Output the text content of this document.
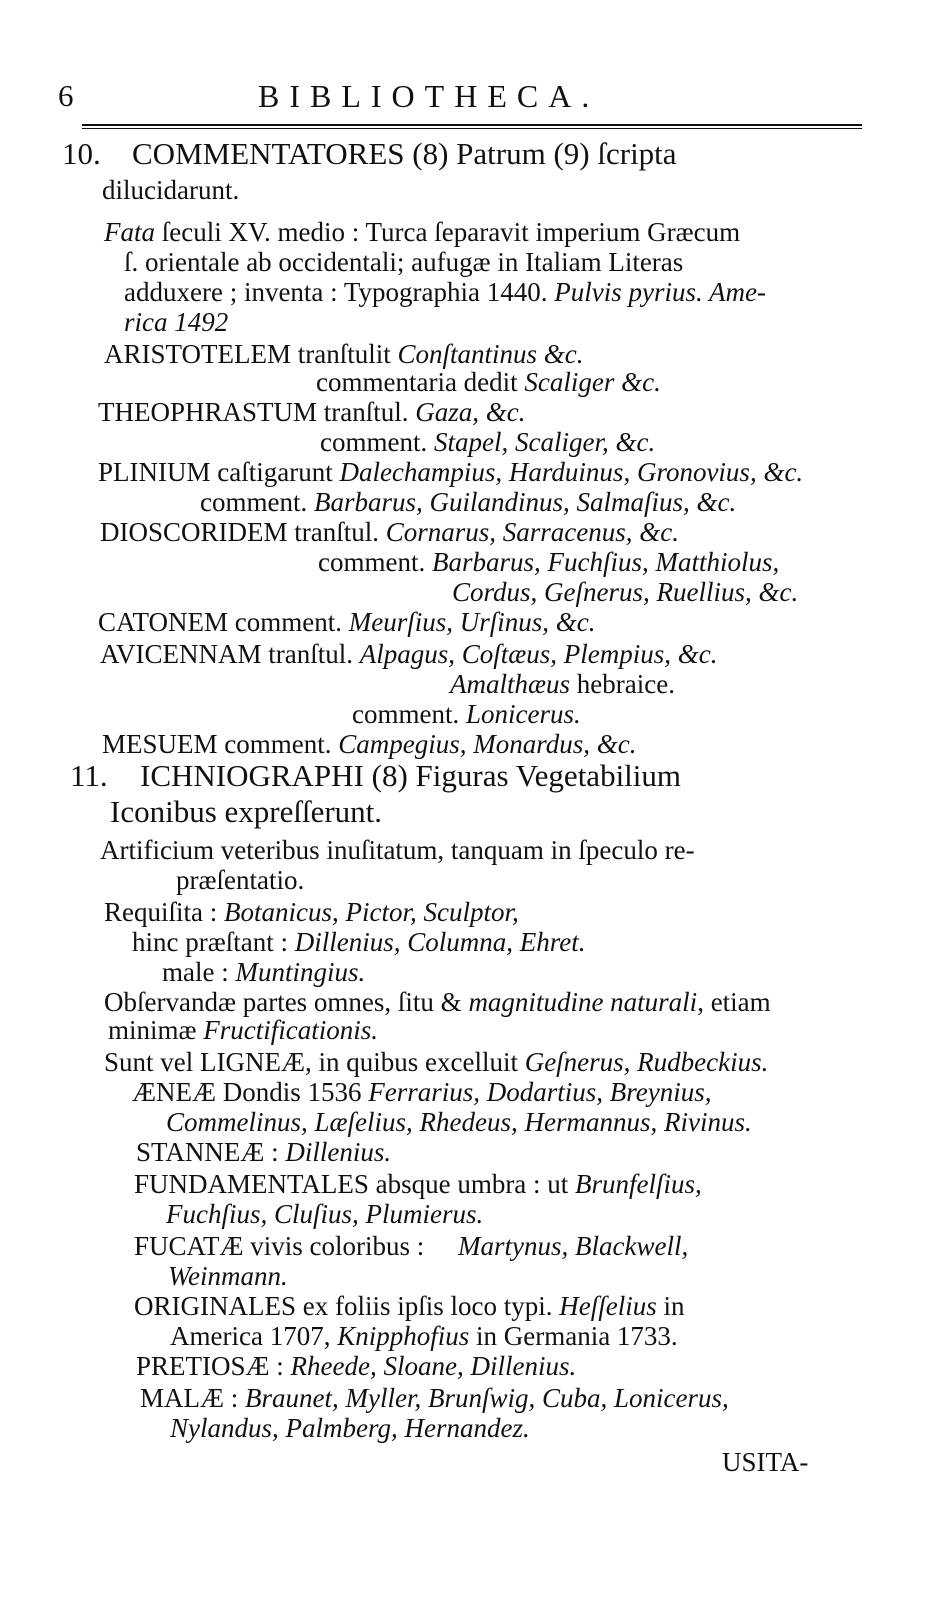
6	BIBLIOTHECA.
10. COMMENTATORES (8) Patrum (9) ſcripta
dilucidarunt.
Fata ſeculi XV. medio : Turca ſeparavit imperium Græcum
ſ. orientale ab occidentali; aufugæ in Italiam Literas
adduxere ; inventa : Typographia 1440. Pulvis pyrius. Ame-
rica 1492
ARISTOTELEM tranſtulit Conſtantinus &c.
commentaria dedit Scaliger &c.
THEOPHRASTUM tranſtul. Gaza, &c.
comment. Stapel, Scaliger, &c.
PLINIUM caſtigarunt Dalechampius, Harduinus, Gronovius, &c.
comment. Barbarus, Guilandinus, Salmaſius, &c.
DIOSCORIDEM tranſtul. Cornarus, Sarracenus, &c.
comment. Barbarus, Fuchſius, Matthiolus,
Cordus, Geſnerus, Ruellius, &c.
CATONEM comment. Meurſius, Urſinus, &c.
AVICENNAM tranſtul. Alpagus, Coſtæus, Plempius, &c.
Amalthæus hebraice.
comment. Lonicerus.
MESUEM comment. Campegius, Monardus, &c.
11. ICHNIOGRAPHI (8) Figuras Vegetabilium
Iconibus expreſſerunt.
Artificium veteribus inuſitatum, tanquam in ſpeculo re-
præſentatio.
Requiſita : Botanicus, Pictor, Sculptor,
hinc præſtant : Dillenius, Columna, Ehret.
male : Muntingius.
Obſervandæ partes omnes, ſitu & magnitudine naturali, etiam
minimæ Fructificationis.
Sunt vel LIGNEÆ, in quibus excelluit Geſnerus, Rudbeckius.
ÆNEÆ Dondis 1536 Ferrarius, Dodartius, Breynius,
Commelinus, Læſelius, Rhedeus, Hermannus, Rivinus.
STANNEÆ : Dillenius.
FUNDAMENTALES absque umbra : ut Brunfelſius,
Fuchſius, Cluſius, Plumierus.
FUCATÆ vivis coloribus : Martynus, Blackwell,
Weinmann.
ORIGINALES ex foliis ipſis loco typi. Heſſelius in
America 1707, Knipphofius in Germania 1733.
PRETIOSÆ : Rheede, Sloane, Dillenius.
MALÆ : Braunet, Myller, Brunſwig, Cuba, Lonicerus,
Nylandus, Palmberg, Hernandez.
USITA-
